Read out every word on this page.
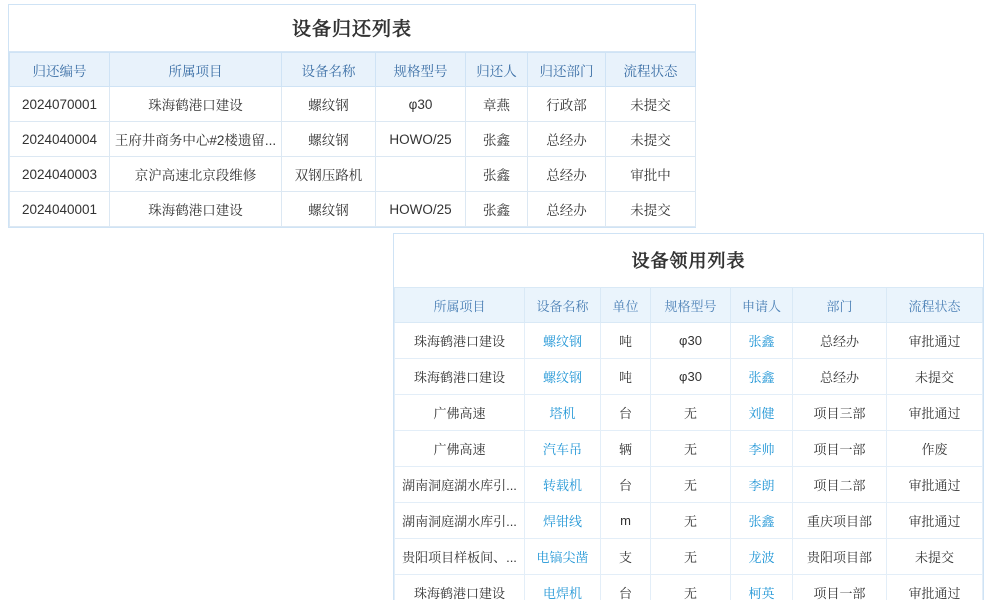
设备归还列表
归还编号	所属项目	设备名称	规格型号	归还人	归还部门	流程状态
2024070001	珠海鹤港口建设	螺纹钢	φ30	章燕	行政部	未提交
2024040004	王府井商务中心#2楼遗留...	螺纹钢	HOWO/25	张鑫	总经办	未提交
2024040003	京沪高速北京段维修	双钢压路机		张鑫	总经办	审批中
2024040001	珠海鹤港口建设	螺纹钢	HOWO/25	张鑫	总经办	未提交
设备领用列表
所属项目	设备名称	单位	规格型号	申请人	部门	流程状态

珠海鹤港口建设	螺纹钢	吨	φ30	张鑫	总经办	审批通过

珠海鹤港口建设	螺纹钢	吨	φ30	张鑫	总经办	未提交

广佛高速	塔机	台	无	刘健	项目三部	审批通过

广佛高速	汽车吊	辆	无	李帅	项目一部	作废

湖南洞庭湖水库引...	转载机	台	无	李朗	项目二部	审批通过

湖南洞庭湖水库引...	焊钳线	m	无	张鑫	重庆项目部	审批通过

贵阳项目样板间、...	电镐尖凿	支	无	龙波	贵阳项目部	未提交

珠海鹤港口建设	电焊机	台	无	柯英	项目一部	审批通过
